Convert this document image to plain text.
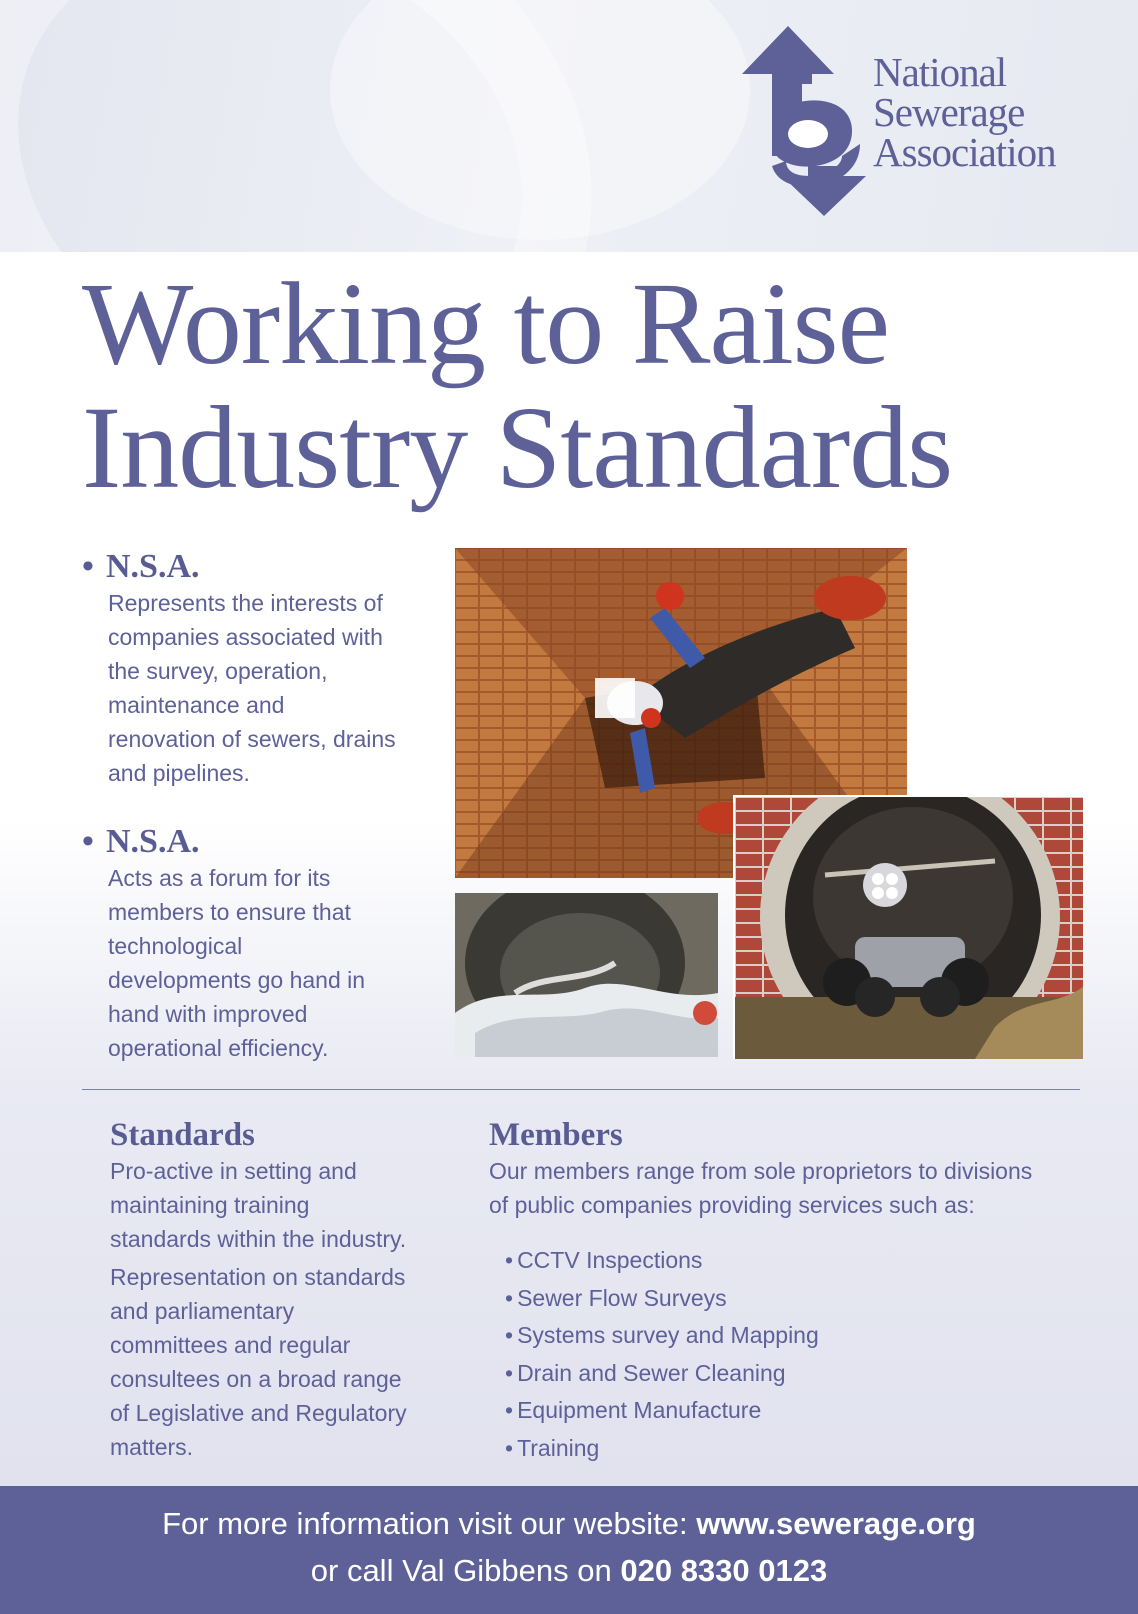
National
Sewerage
Association
Working to Raise
Industry Standards
• N.S.A.
Represents the interests of
companies associated with
the survey, operation,
maintenance and
renovation of sewers, drains
and pipelines.
• N.S.A.
Acts as a forum for its
members to ensure that
technological
developments go hand in
hand with improved
operational efficiency.
Standards

Pro-active in setting and
maintaining training
standards within the industry.

Representation on standards
and parliamentary
committees and regular
consultees on a broad range
of Legislative and Regulatory
matters.

Members

Our members range from sole proprietors to divisions
of public companies providing services such as:

• CCTV Inspections
• Sewer Flow Surveys
• Systems survey and Mapping
• Drain and Sewer Cleaning
• Equipment Manufacture
• Training
For more information visit our website: www.sewerage.org
or call Val Gibbens on 020 8330 0123
